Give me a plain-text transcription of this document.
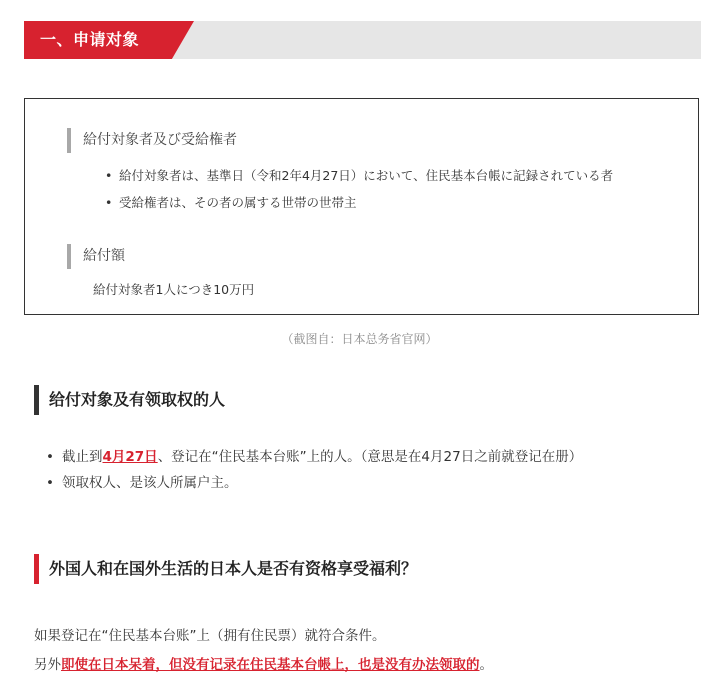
一、申请对象
給付対象者及び受給権者
• 給付対象者は、基準日（令和2年4月27日）において、住民基本台帳に記録されている者
• 受給権者は、その者の属する世帯の世帯主
給付額
給付対象者1人につき10万円
（截图自：日本总务省官网）
给付对象及有领取权的人
• 截止到4月27日、登记在“住民基本台账”上的人。（意思是在4月27日之前就登记在册）
• 领取权人、是该人所属户主。
外国人和在国外生活的日本人是否有资格享受福利？
如果登记在“住民基本台账”上（拥有住民票）就符合条件。
另外即使在日本呆着，但没有记录在住民基本台帳上，也是没有办法领取的。
